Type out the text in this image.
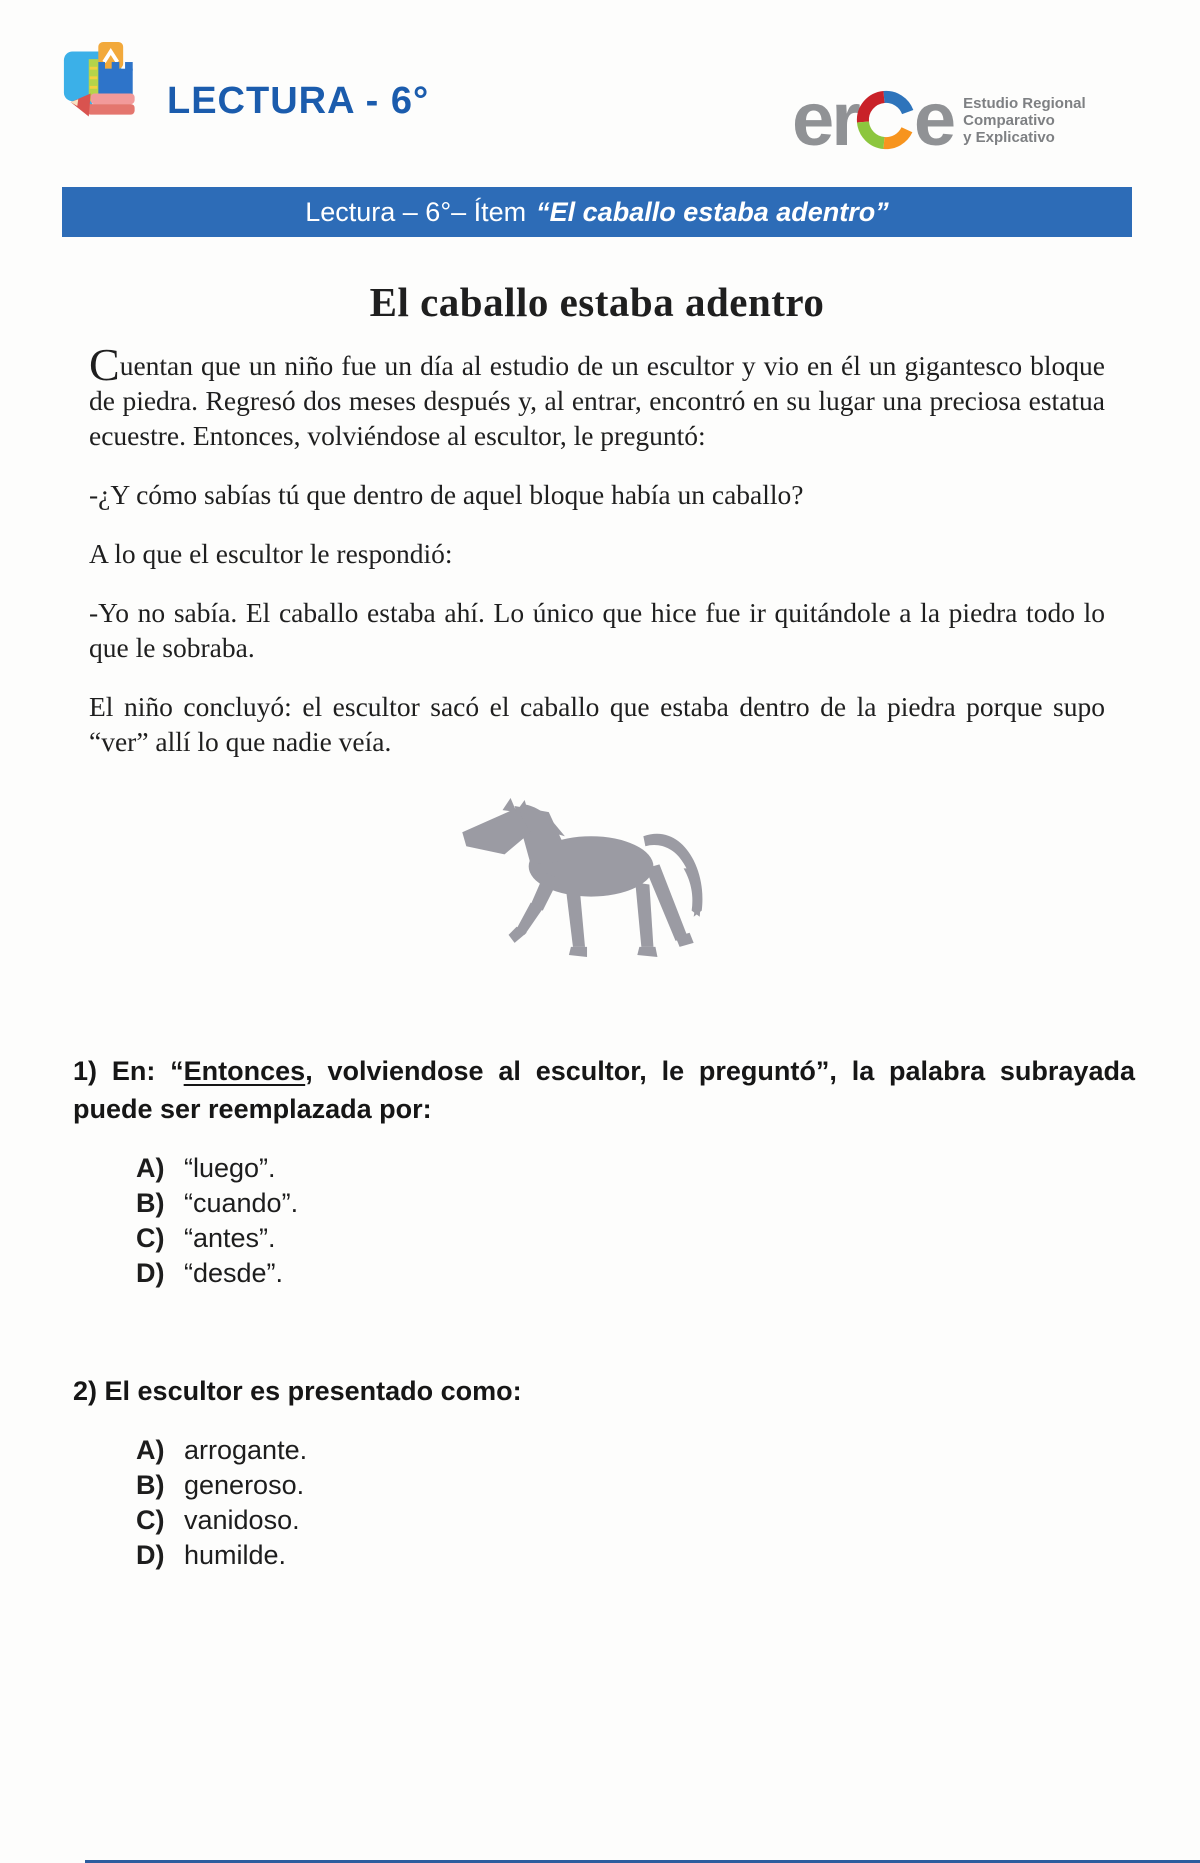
LECTURA - 6°	er e Estudio Regional
Comparativo
y Explicativo
Lectura – 6°– Ítem “El caballo estaba adentro”
El caballo estaba adentro

Cuentan que un niño fue un día al estudio de un escultor y vio en él un gigantesco bloque de piedra. Regresó dos meses después y, al entrar, encontró en su lugar una preciosa estatua ecuestre. Entonces, volviéndose al escultor, le preguntó:

-¿Y cómo sabías tú que dentro de aquel bloque había un caballo?

A lo que el escultor le respondió:

-Yo no sabía. El caballo estaba ahí. Lo único que hice fue ir quitándole a la piedra todo lo que le sobraba.

El niño concluyó: el escultor sacó el caballo que estaba dentro de la piedra porque supo “ver” allí lo que nadie veía.

1) En: “Entonces, volviendose al escultor, le preguntó”, la palabra subrayada puede ser reemplazada por:

A) “luego”.
B) “cuando”.
C) “antes”.
D) “desde”.

2) El escultor es presentado como:

A) arrogante.
B) generoso.
C) vanidoso.
D) humilde.
